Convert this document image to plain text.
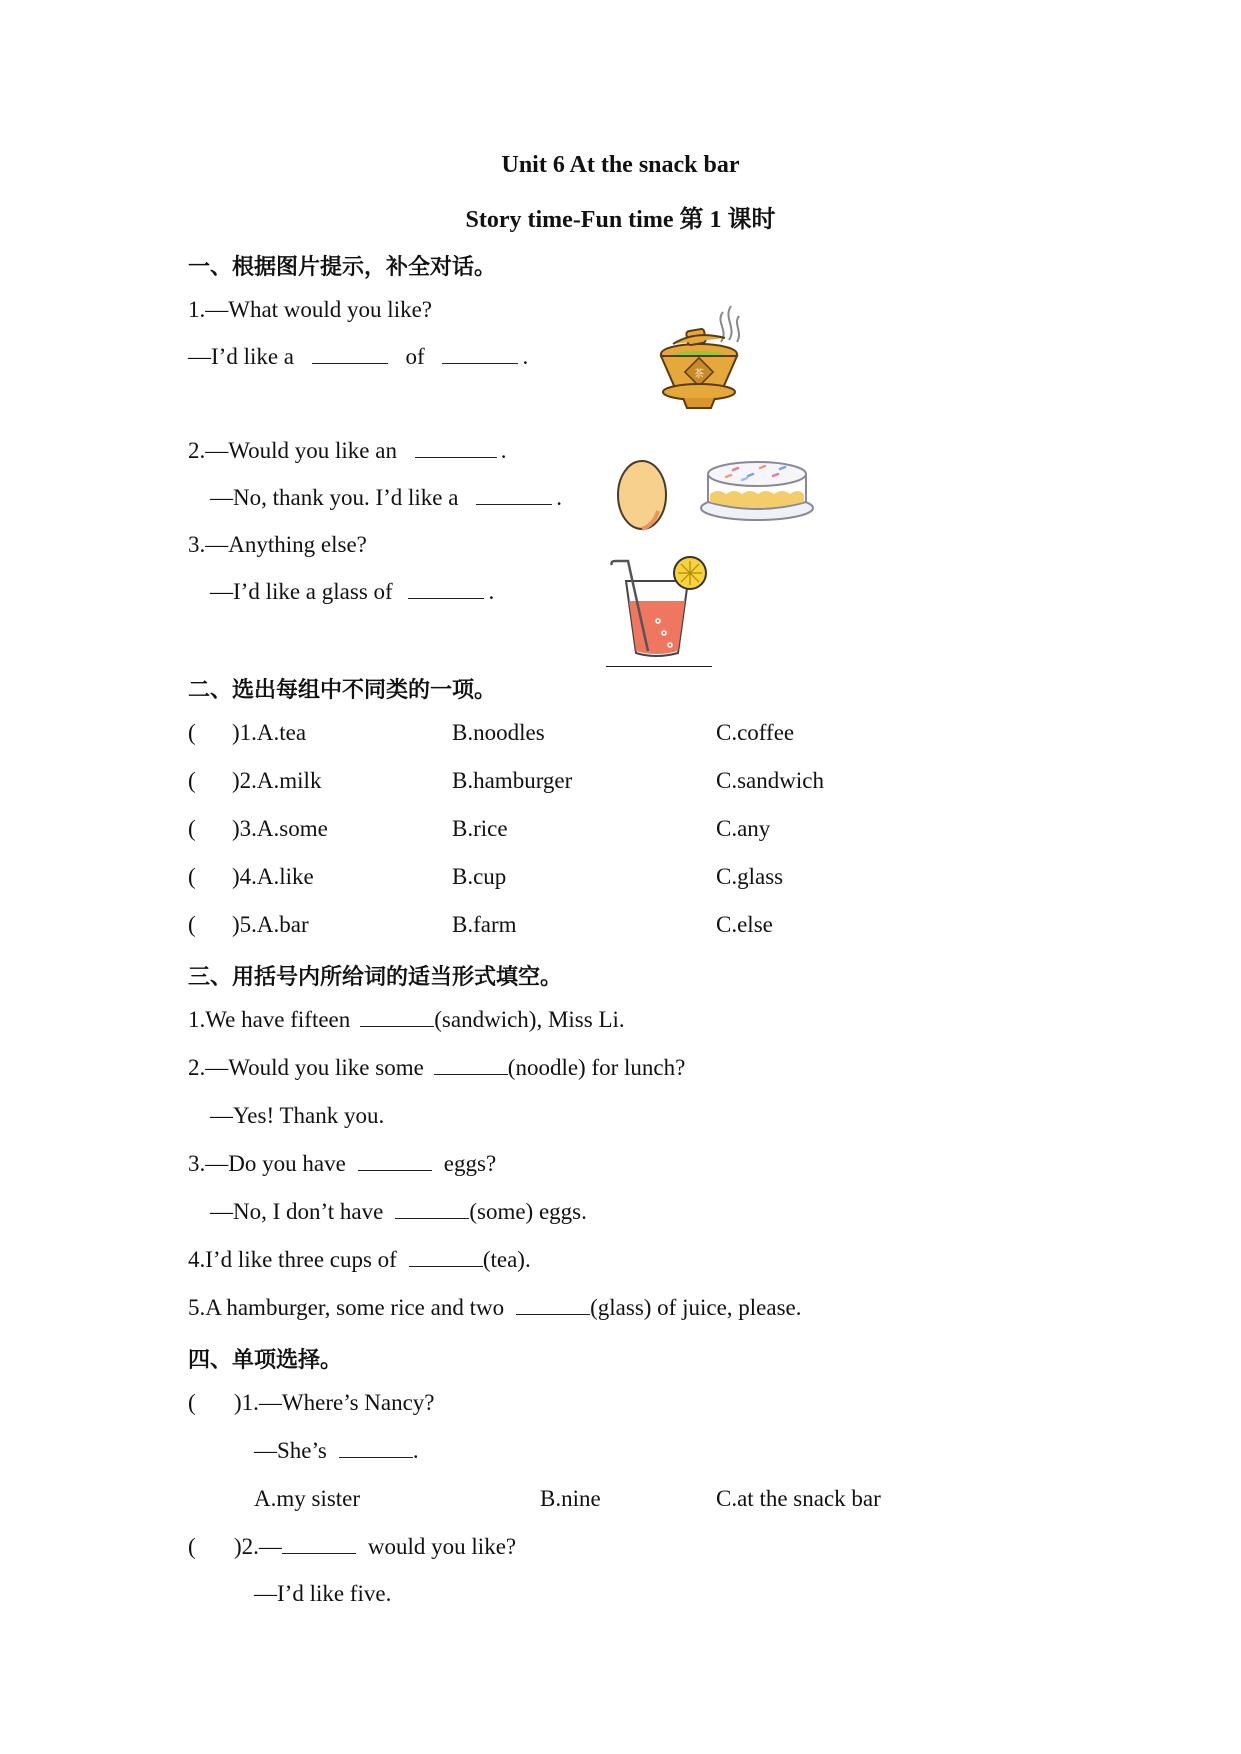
Unit 6 At the snack bar
Story time-Fun time 第 1 课时
一、根据图片提示，补全对话。
1.—What would you like?
—I’d like a	of	.
2.—Would you like an	.
—No, thank you. I’d like a	.
3.—Anything else?
—I’d like a glass of	.
茶
二、选出每组中不同类的一项。
( )1.A.tea	B.noodles	C.coffee
( )2.A.milk	B.hamburger	C.sandwich
( )3.A.some	B.rice	C.any
( )4.A.like	B.cup	C.glass
( )5.A.bar	B.farm	C.else
三、用括号内所给词的适当形式填空。
1.We have fifteen	(sandwich), Miss Li.
2.—Would you like some	(noodle) for lunch?
—Yes! Thank you.
3.—Do you have	eggs?
—No, I don’t have	(some) eggs.
4.I’d like three cups of	(tea).
5.A hamburger, some rice and two	(glass) of juice, please.
四、单项选择。
( )1.—Where’s Nancy?
—She’s	.
A.my sister	B.nine	C.at the snack bar
( )2.—	would you like?
—I’d like five.
